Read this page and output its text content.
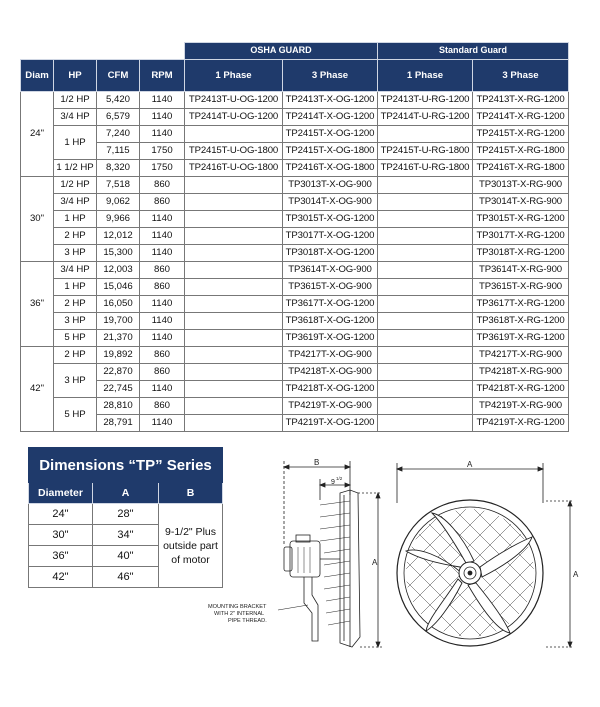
				OSHA GUARD		Standard Guard	
Diam	HP	CFM	RPM	1 Phase	3 Phase	1 Phase	3 Phase
24"	1/2 HP	5,420	1140	TP2413T-U-OG-1200	TP2413T-X-OG-1200	TP2413T-U-RG-1200	TP2413T-X-RG-1200
	3/4 HP	6,579	1140	TP2414T-U-OG-1200	TP2414T-X-OG-1200	TP2414T-U-RG-1200	TP2414T-X-RG-1200
	1 HP	7,240	1140		TP2415T-X-OG-1200		TP2415T-X-RG-1200
		7,115	1750	TP2415T-U-OG-1800	TP2415T-X-OG-1800	TP2415T-U-RG-1800	TP2415T-X-RG-1800
	1 1/2 HP	8,320	1750	TP2416T-U-OG-1800	TP2416T-X-OG-1800	TP2416T-U-RG-1800	TP2416T-X-RG-1800
30"	1/2 HP	7,518	860		TP3013T-X-OG-900		TP3013T-X-RG-900
	3/4 HP	9,062	860		TP3014T-X-OG-900		TP3014T-X-RG-900
	1 HP	9,966	1140		TP3015T-X-OG-1200		TP3015T-X-RG-1200
	2 HP	12,012	1140		TP3017T-X-OG-1200		TP3017T-X-RG-1200
	3 HP	15,300	1140		TP3018T-X-OG-1200		TP3018T-X-RG-1200
36"	3/4 HP	12,003	860		TP3614T-X-OG-900		TP3614T-X-RG-900
	1 HP	15,046	860		TP3615T-X-OG-900		TP3615T-X-RG-900
	2 HP	16,050	1140		TP3617T-X-OG-1200		TP3617T-X-RG-1200
	3 HP	19,700	1140		TP3618T-X-OG-1200		TP3618T-X-RG-1200
	5 HP	21,370	1140		TP3619T-X-OG-1200		TP3619T-X-RG-1200
42"	2 HP	19,892	860		TP4217T-X-OG-900		TP4217T-X-RG-900
	3 HP	22,870	860		TP4218T-X-OG-900		TP4218T-X-RG-900
		22,745	1140		TP4218T-X-OG-1200		TP4218T-X-RG-1200
	5 HP	28,810	860		TP4219T-X-OG-900		TP4219T-X-RG-900
		28,791	1140		TP4219T-X-OG-1200		TP4219T-X-RG-1200
Dimensions “TP” Series		
Diameter	A	B
24"	28"	9-1/2" Plus
outside part
of motor

30"	34"	
36"	40"	
42"	46"	
B
9
1/2
A
MOUNTING BRACKET
WITH 2" INTERNAL
PIPE THREAD.
A
A
